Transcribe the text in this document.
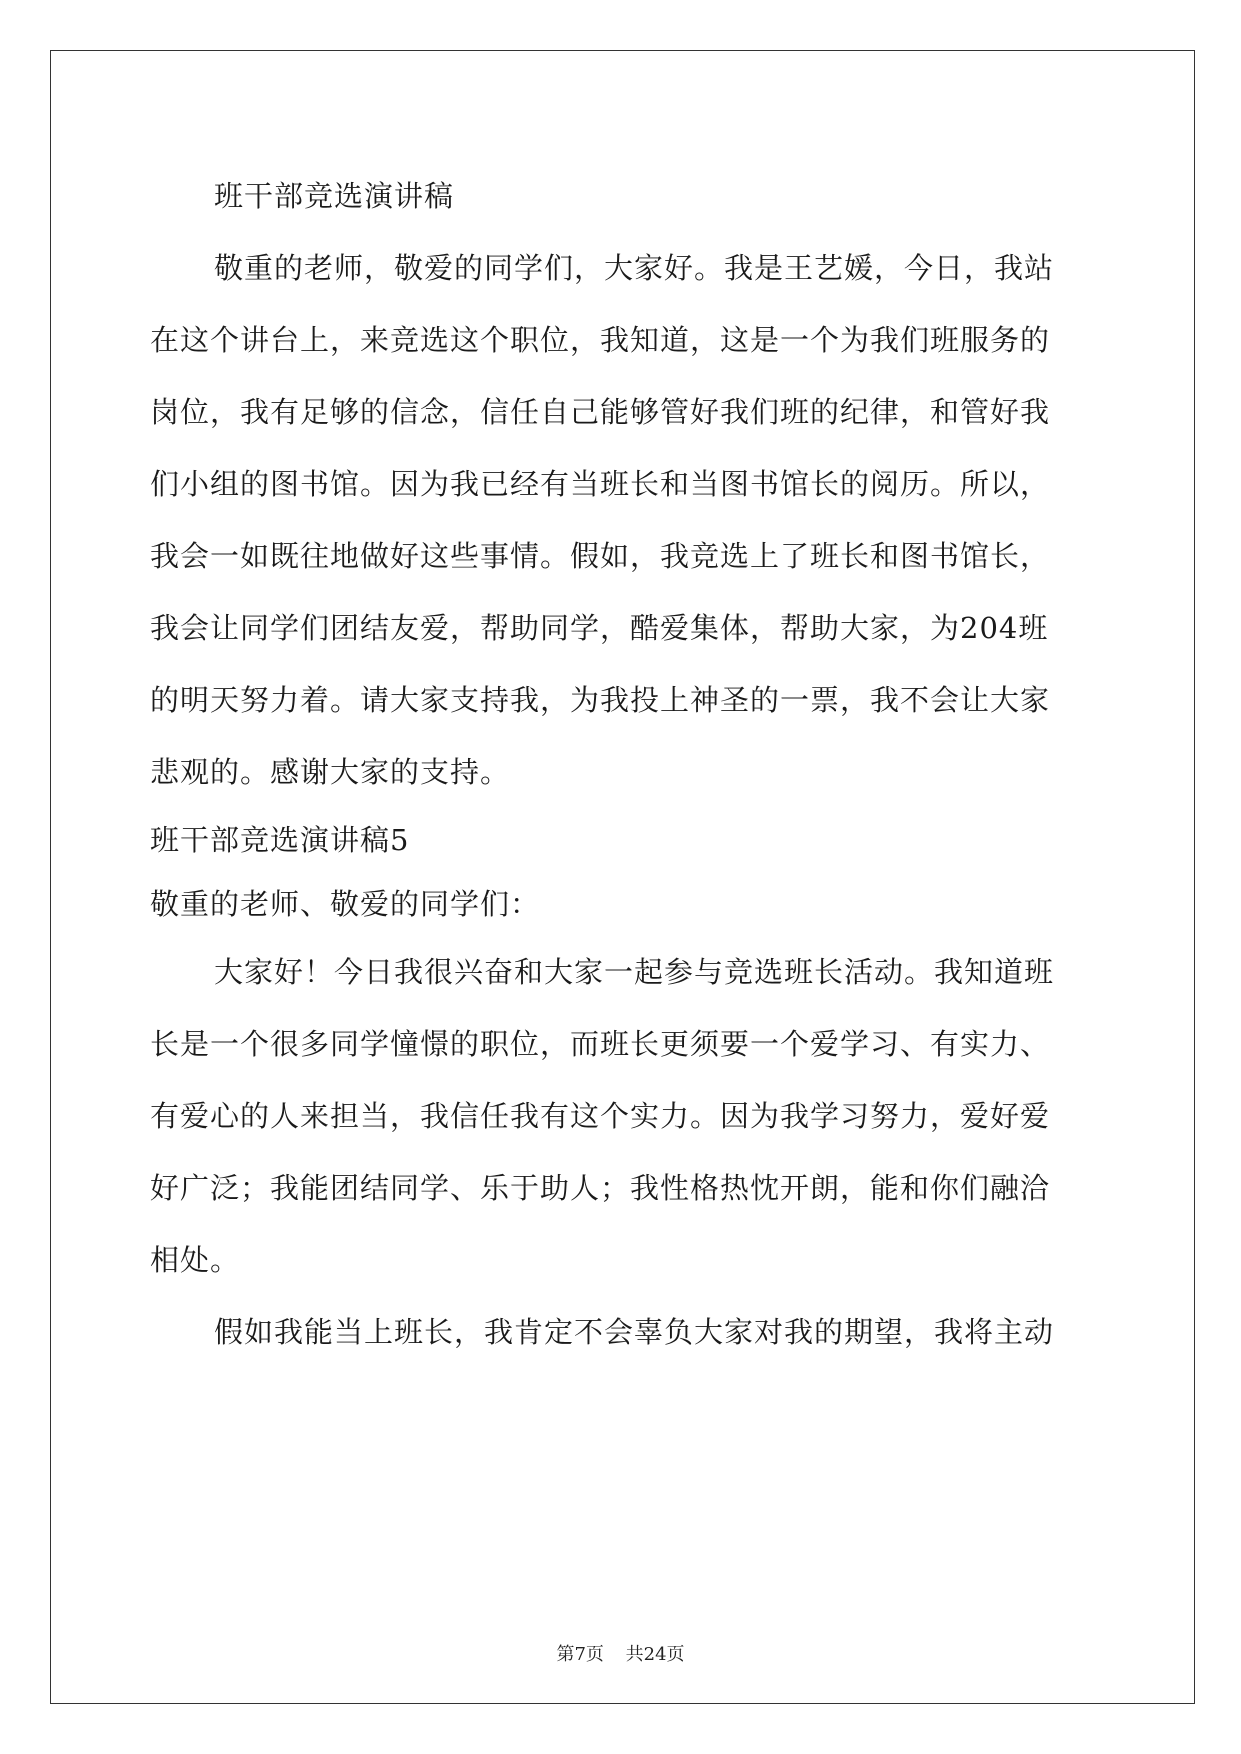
班干部竞选演讲稿
敬重的老师，敬爱的同学们，大家好。我是王艺媛，今日，我站
在这个讲台上，来竞选这个职位，我知道，这是一个为我们班服务的
岗位，我有足够的信念，信任自己能够管好我们班的纪律，和管好我
们小组的图书馆。因为我已经有当班长和当图书馆长的阅历。所以，
我会一如既往地做好这些事情。假如，我竞选上了班长和图书馆长，
我会让同学们团结友爱，帮助同学，酷爱集体，帮助大家，为204班
的明天努力着。请大家支持我，为我投上神圣的一票，我不会让大家
悲观的。感谢大家的支持。
班干部竞选演讲稿5
敬重的老师、敬爱的同学们：
大家好！今日我很兴奋和大家一起参与竞选班长活动。我知道班
长是一个很多同学憧憬的职位，而班长更须要一个爱学习、有实力、
有爱心的人来担当，我信任我有这个实力。因为我学习努力，爱好爱
好广泛；我能团结同学、乐于助人；我性格热忱开朗，能和你们融洽
相处。
假如我能当上班长，我肯定不会辜负大家对我的期望，我将主动
第7页 共24页
